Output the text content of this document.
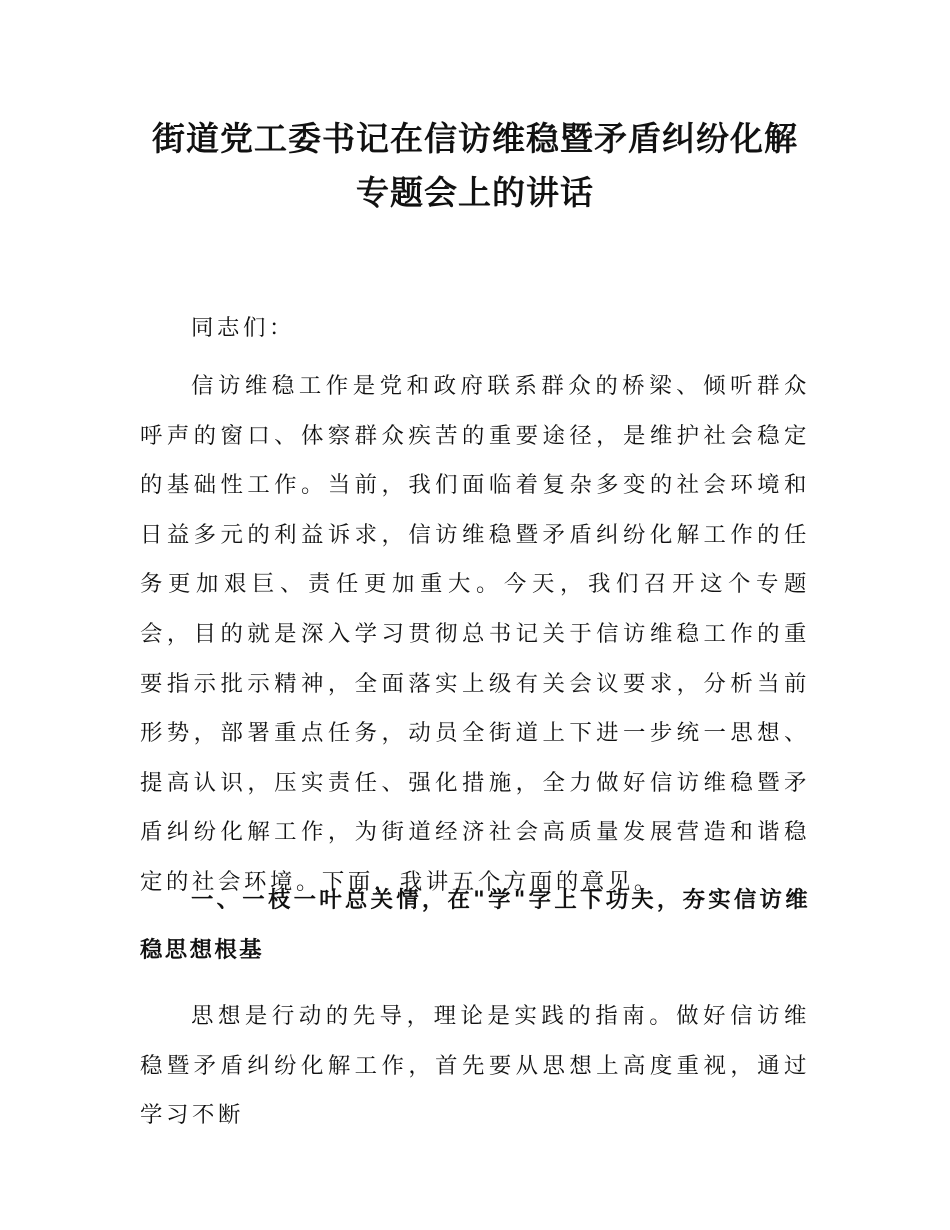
街道党工委书记在信访维稳暨矛盾纠纷化解
专题会上的讲话

同志们：

信访维稳工作是党和政府联系群众的桥梁、倾听群众呼声的窗口、体察群众疾苦的重要途径，是维护社会稳定的基础性工作。当前，我们面临着复杂多变的社会环境和日益多元的利益诉求，信访维稳暨矛盾纠纷化解工作的任务更加艰巨、责任更加重大。今天，我们召开这个专题会，目的就是深入学习贯彻总书记关于信访维稳工作的重要指示批示精神，全面落实上级有关会议要求，分析当前形势，部署重点任务，动员全街道上下进一步统一思想、提高认识，压实责任、强化措施，全力做好信访维稳暨矛盾纠纷化解工作，为街道经济社会高质量发展营造和谐稳定的社会环境。下面，我讲五个方面的意见。

一、一枝一叶总关情，在"学"字上下功夫，夯实信访维稳思想根基

思想是行动的先导，理论是实践的指南。做好信访维稳暨矛盾纠纷化解工作，首先要从思想上高度重视，通过学习不断
